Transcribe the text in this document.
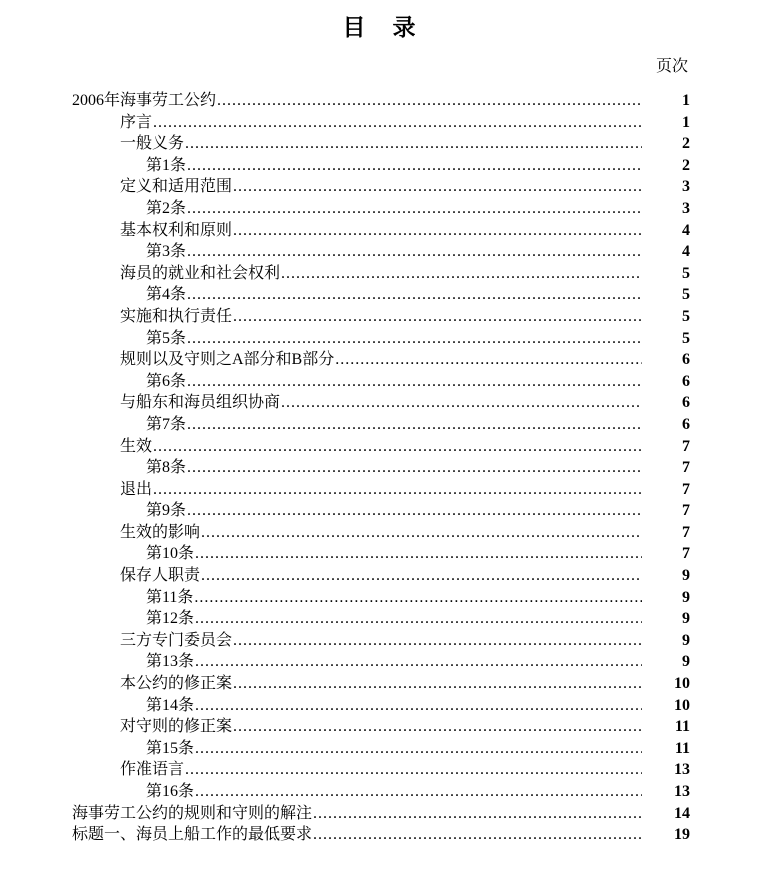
目　录
页次
2006年海事劳工公约 .....	1
序言 .....	1
一般义务 .....	2
第1条 .....	2
定义和适用范围 .....	3
第2条 .....	3
基本权利和原则 .....	4
第3条 .....	4
海员的就业和社会权利 .....	5
第4条 .....	5
实施和执行责任 .....	5
第5条 .....	5
规则以及守则之A部分和B部分 .....	6
第6条 .....	6
与船东和海员组织协商 .....	6
第7条 .....	6
生效 .....	7
第8条 .....	7
退出 .....	7
第9条 .....	7
生效的影响 .....	7
第10条 .....	7
保存人职责 .....	9
第11条 .....	9
第12条 .....	9
三方专门委员会 .....	9
第13条 .....	9
本公约的修正案 .....	10
第14条 .....	10
对守则的修正案 .....	11
第15条 .....	11
作准语言 .....	13
第16条 .....	13
海事劳工公约的规则和守则的解注 .....	14
标题一、海员上船工作的最低要求 .....	19
